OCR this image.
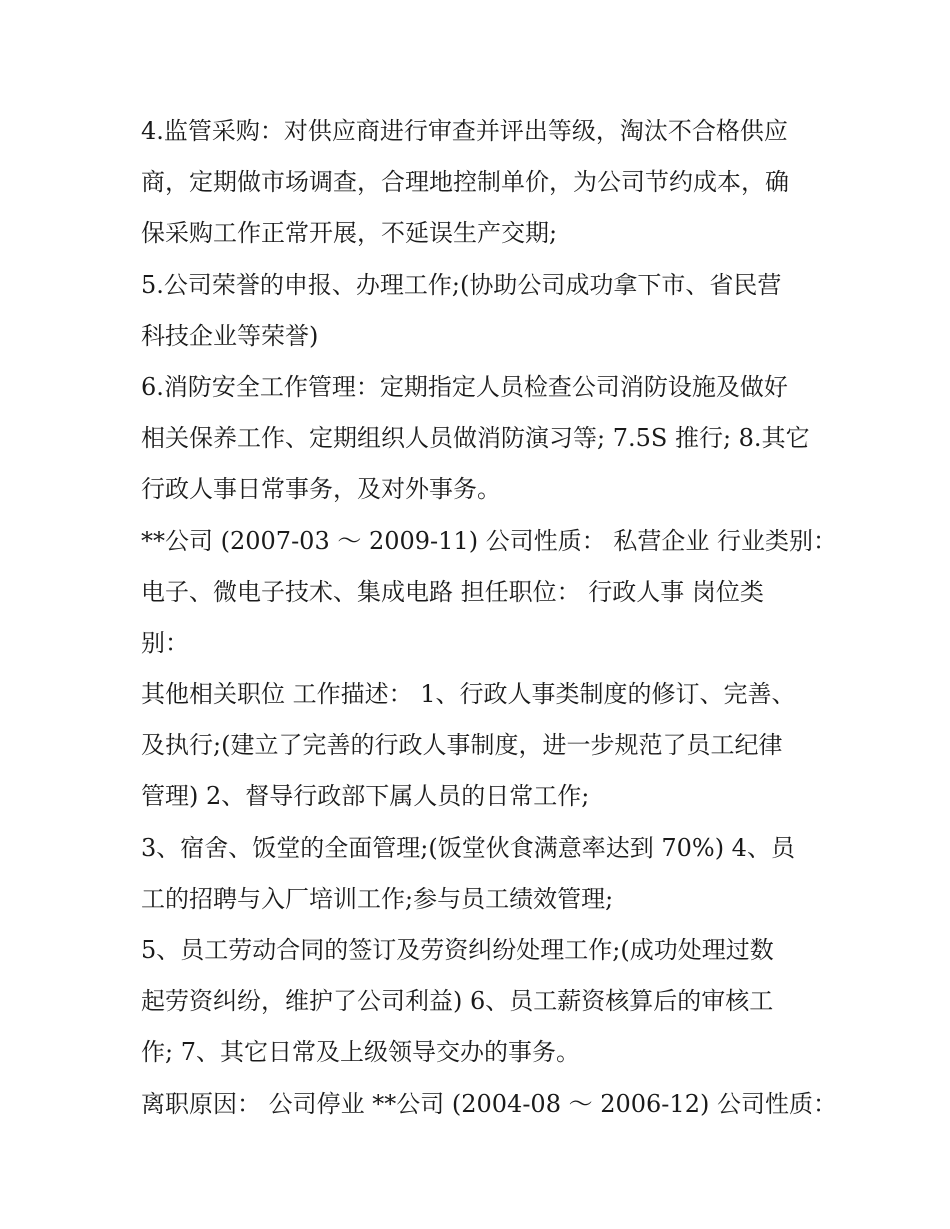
4.监管采购：对供应商进行审查并评出等级，淘汰不合格供应
商，定期做市场调查，合理地控制单价，为公司节约成本，确
保采购工作正常开展，不延误生产交期;
5.公司荣誉的申报、办理工作;(协助公司成功拿下市、省民营
科技企业等荣誉)
6.消防安全工作管理：定期指定人员检查公司消防设施及做好
相关保养工作、定期组织人员做消防演习等; 7.5S 推行; 8.其它
行政人事日常事务，及对外事务。
**公司 (2007-03 ～ 2009-11) 公司性质： 私营企业 行业类别：
电子、微电子技术、集成电路 担任职位： 行政人事 岗位类
别：
其他相关职位 工作描述： 1、行政人事类制度的修订、完善、
及执行;(建立了完善的行政人事制度，进一步规范了员工纪律
管理) 2、督导行政部下属人员的日常工作;
3、宿舍、饭堂的全面管理;(饭堂伙食满意率达到 70%) 4、员
工的招聘与入厂培训工作;参与员工绩效管理;
5、员工劳动合同的签订及劳资纠纷处理工作;(成功处理过数
起劳资纠纷，维护了公司利益) 6、员工薪资核算后的审核工
作; 7、其它日常及上级领导交办的事务。
离职原因： 公司停业 **公司 (2004-08 ～ 2006-12) 公司性质：
